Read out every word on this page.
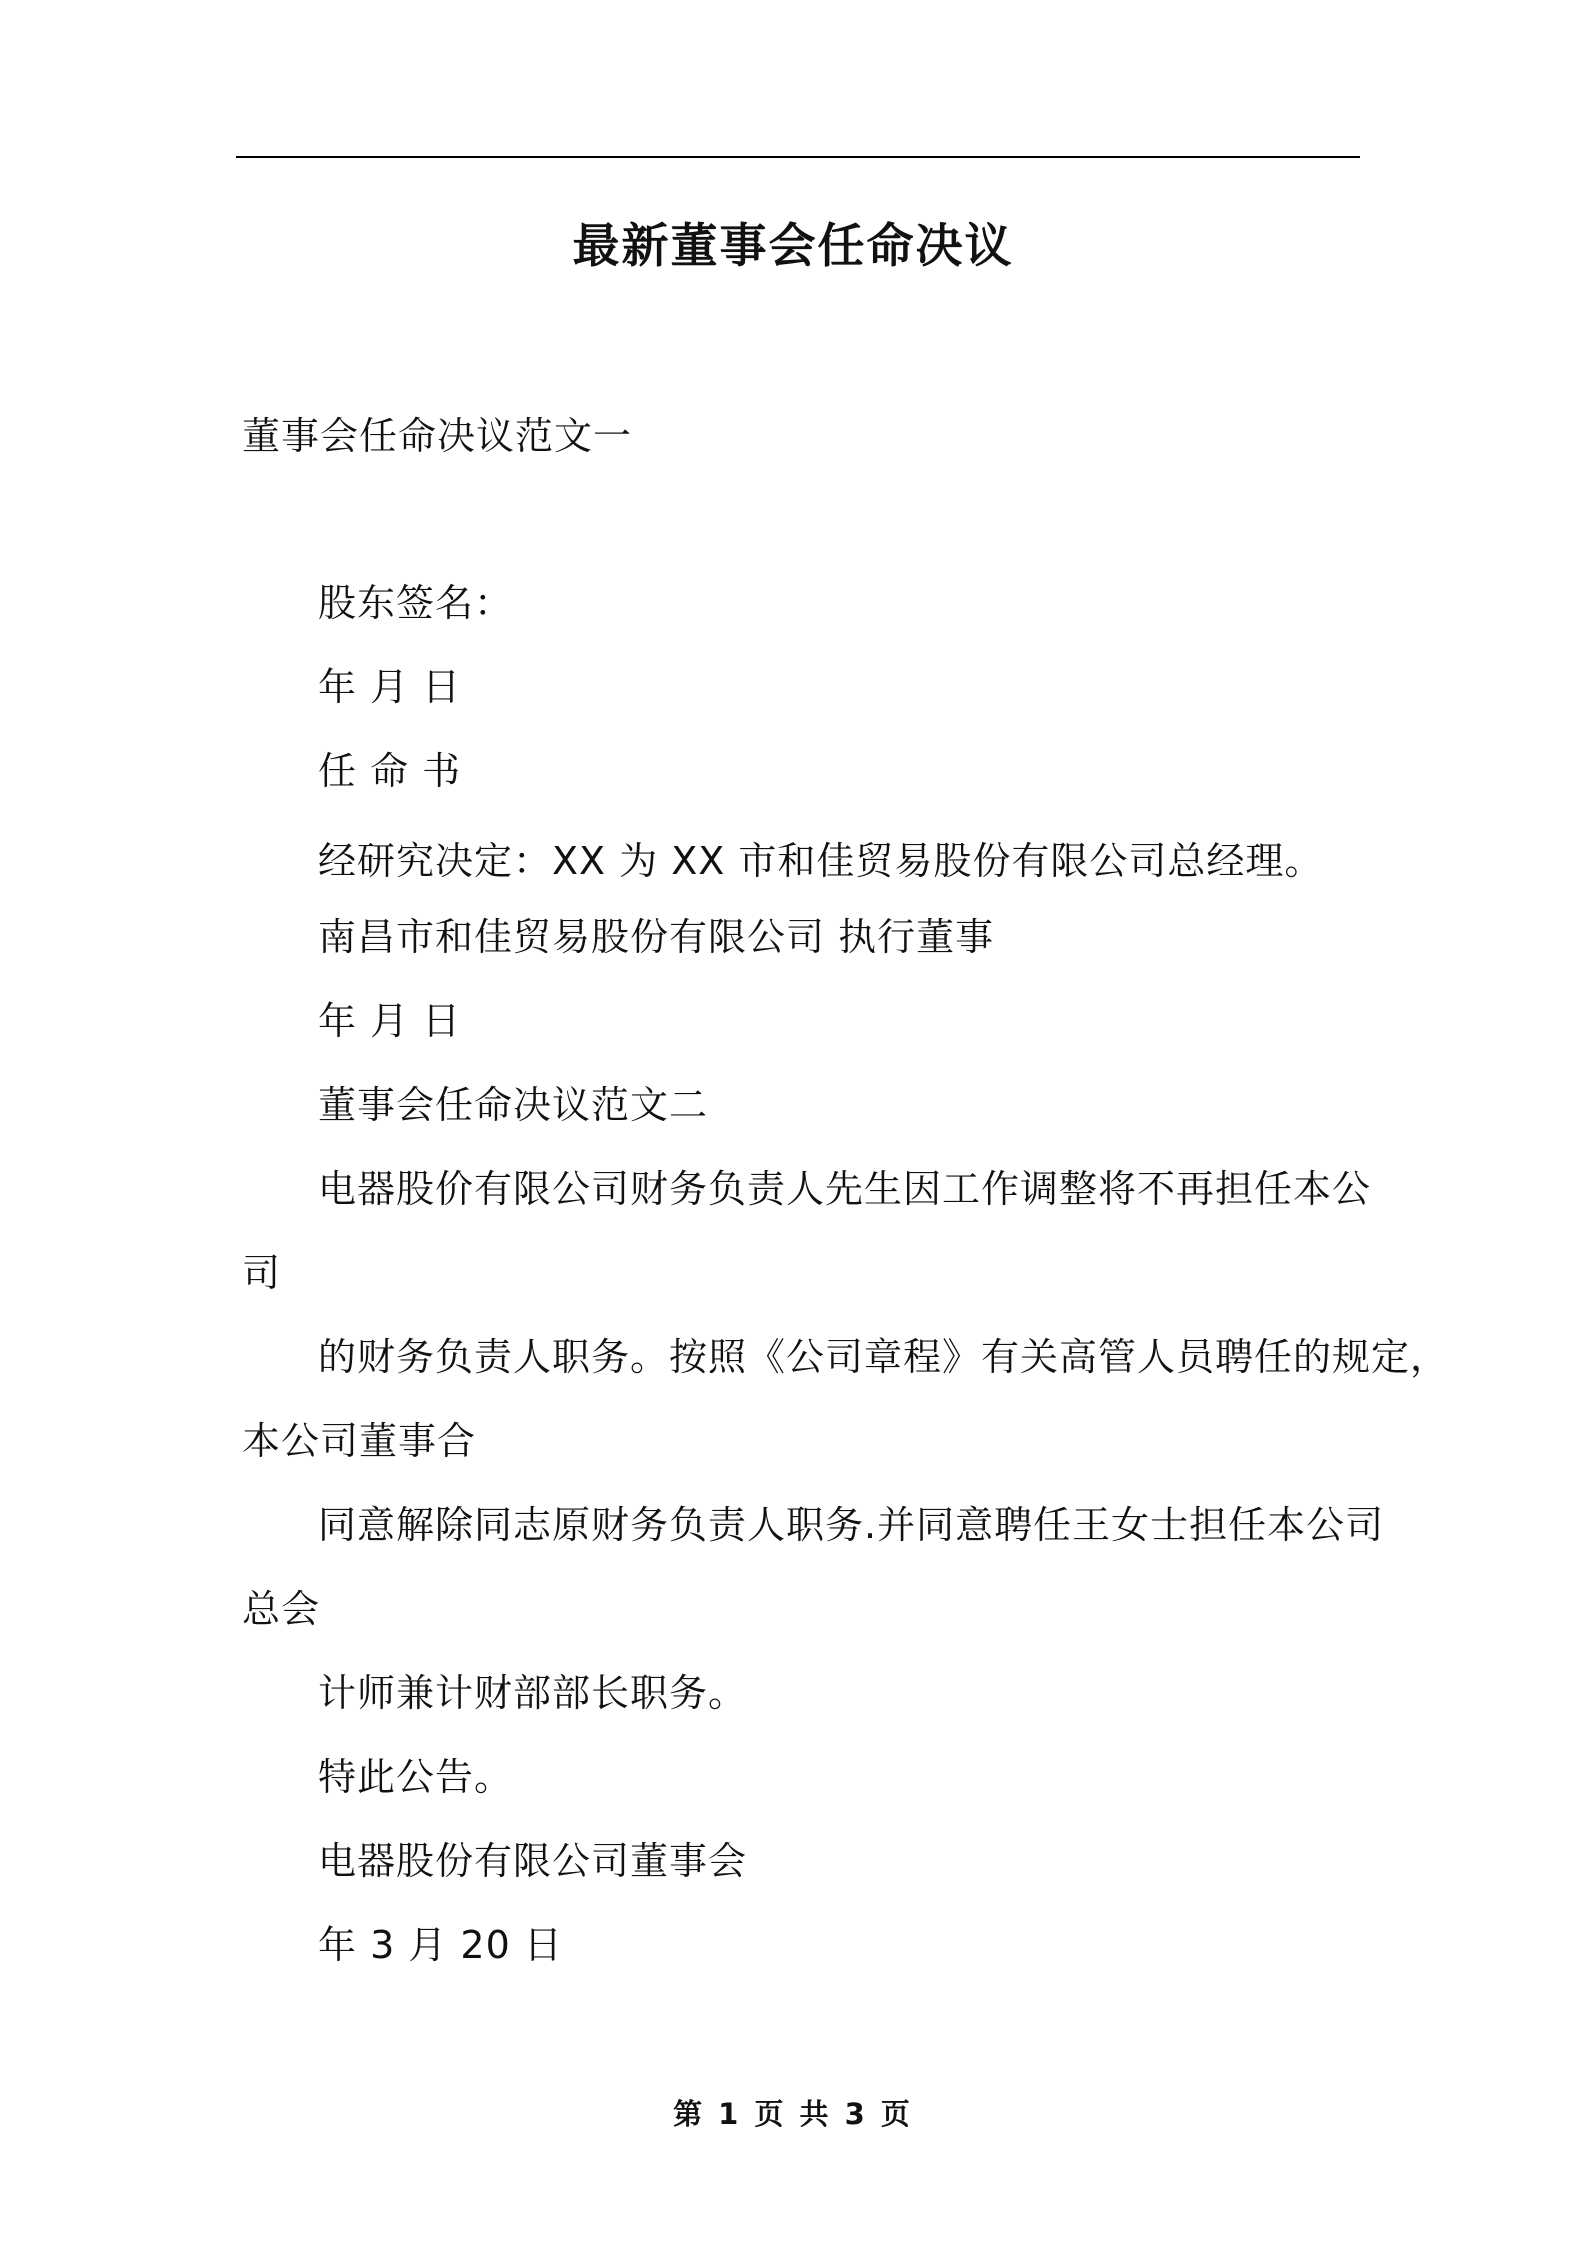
最新董事会任命决议
董事会任命决议范文一
股东签名：
年 月 日
任 命 书
经研究决定：XX 为 XX 市和佳贸易股份有限公司总经理。
南昌市和佳贸易股份有限公司 执行董事
年 月 日
董事会任命决议范文二
电器股价有限公司财务负责人先生因工作调整将不再担任本公
司
的财务负责人职务。按照《公司章程》有关高管人员聘任的规定，
本公司董事合
同意解除同志原财务负责人职务.并同意聘任王女士担任本公司
总会
计师兼计财部部长职务。
特此公告。
电器股份有限公司董事会
年 3 月 20 日
第 1 页 共 3 页
